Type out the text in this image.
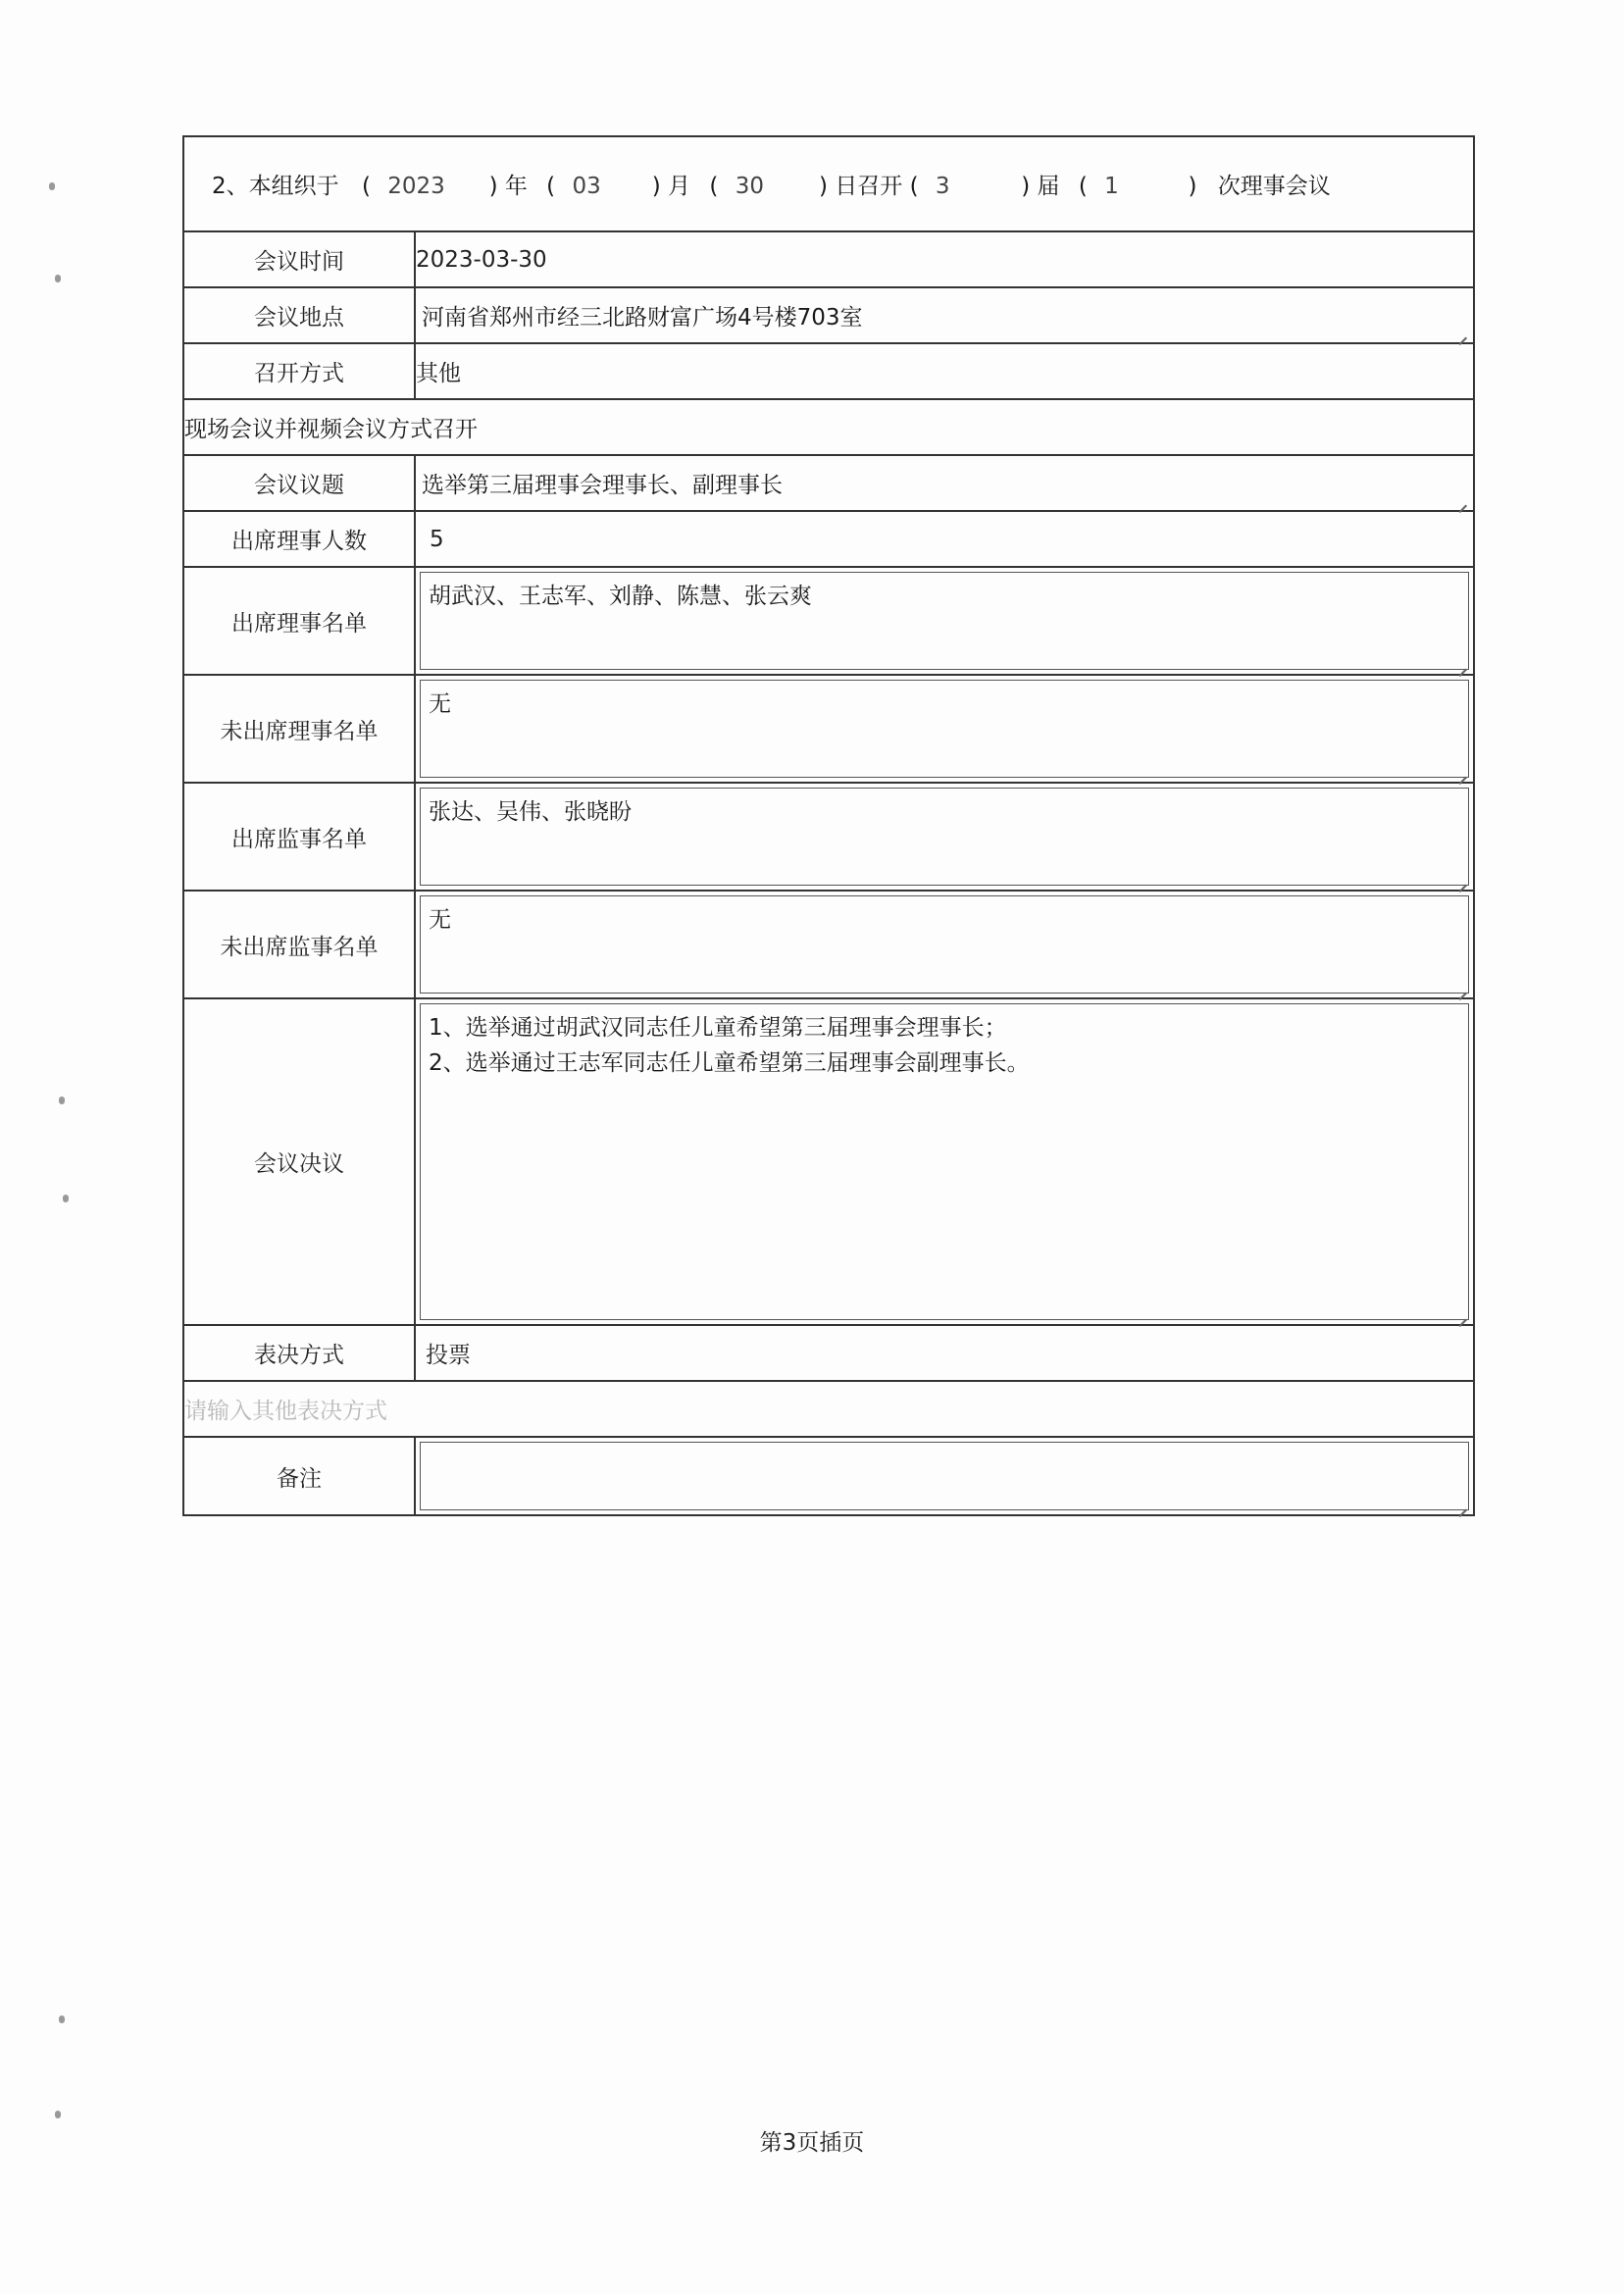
2、本组织于 ( 2023 ) 年 ( 03 ) 月 ( 30 ) 日召开 ( 3 ) 届 ( 1 ) 次理事会议	

会议时间	2023-03-30
会议地点	河南省郑州市经三北路财富广场4号楼703室

召开方式	其他
现场会议并视频会议方式召开	
会议议题	选举第三届理事会理事长、副理事长

出席理事人数	5
出席理事名单	胡武汉、王志军、刘静、陈慧、张云爽

未出席理事名单	无

出席监事名单	张达、吴伟、张晓盼

未出席监事名单	无

会议决议	1、选举通过胡武汉同志任儿童希望第三届理事会理事长；
2、选举通过王志军同志任儿童希望第三届理事会副理事长。

表决方式	投票
请输入其他表决方式	
备注	
第3页插页
